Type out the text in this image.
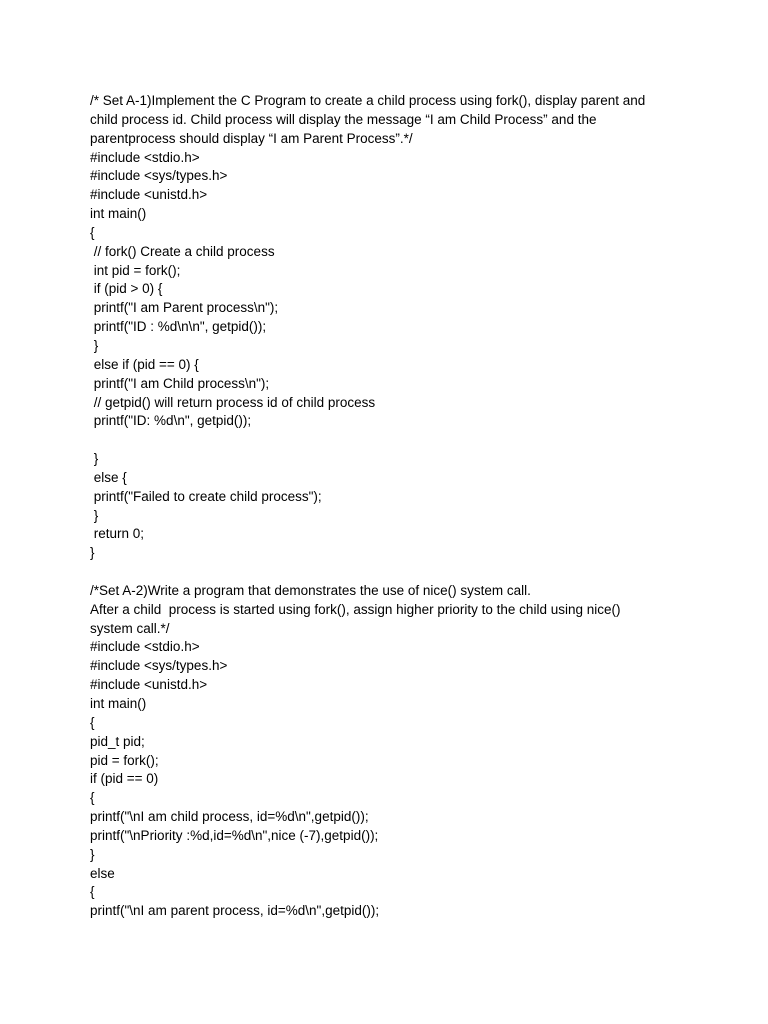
/* Set A-1)Implement the C Program to create a child process using fork(), display parent and
child process id. Child process will display the message “I am Child Process” and the
parentprocess should display “I am Parent Process”.*/
#include <stdio.h>
#include <sys/types.h>
#include <unistd.h>
int main()
{
// fork() Create a child process
int pid = fork();
if (pid > 0) {
printf("I am Parent process\n");
printf("ID : %d\n\n", getpid());
}
else if (pid == 0) {
printf("I am Child process\n");
// getpid() will return process id of child process
printf("ID: %d\n", getpid());
}
else {
printf("Failed to create child process");
}
return 0;
}
/*Set A-2)Write a program that demonstrates the use of nice() system call.
After a child  process is started using fork(), assign higher priority to the child using nice()
system call.*/
#include <stdio.h>
#include <sys/types.h>
#include <unistd.h>
int main()
{
pid_t pid;
pid = fork();
if (pid == 0)
{
printf("\nI am child process, id=%d\n",getpid());
printf("\nPriority :%d,id=%d\n",nice (-7),getpid());
}
else
{
printf("\nI am parent process, id=%d\n",getpid());
